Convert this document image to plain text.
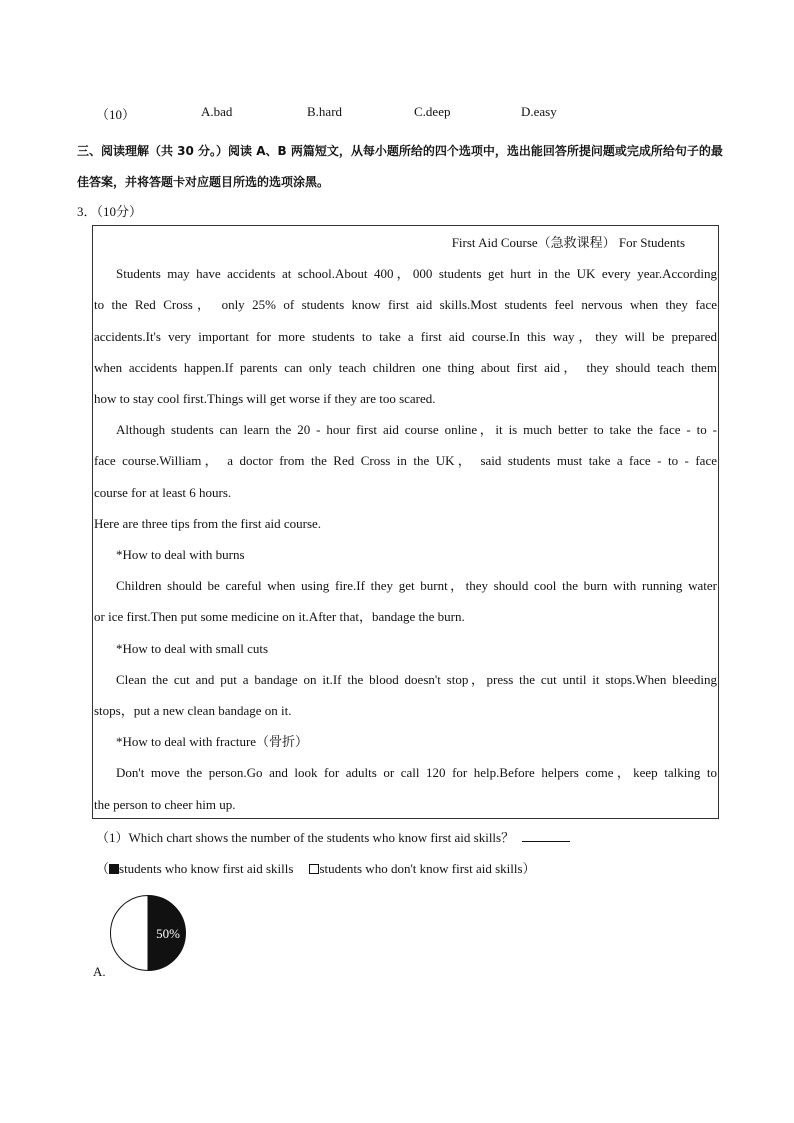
（10）	A.bad	B.hard	C.deep	D.easy
三、阅读理解（共 30 分。）阅读 A、B 两篇短文，从每小题所给的四个选项中，选出能回答所提问题或完成所给句子的最佳答案，并将答题卡对应题目所选的选项涂黑。
3．（10分）
First Aid Course（急救课程） For Students

Students may have accidents at school.About 400，000 students get hurt in the UK every year.According

to the Red Cross， only 25% of students know first aid skills.Most students feel nervous when they face

accidents.It's very important for more students to take a first aid course.In this way，they will be prepared

when accidents happen.If parents can only teach children one thing about first aid， they should teach them

how to stay cool first.Things will get worse if they are too scared.

Although students can learn the 20 - hour first aid course online，it is much better to take the face - to -

face course.William， a doctor from the Red Cross in the UK， said students must take a face - to - face

course for at least 6 hours.

Here are three tips from the first aid course.

*How to deal with burns

Children should be careful when using fire.If they get burnt，they should cool the burn with running water

or ice first.Then put some medicine on it.After that，bandage the burn.

*How to deal with small cuts

Clean the cut and put a bandage on it.If the blood doesn't stop，press the cut until it stops.When bleeding

stops，put a new clean bandage on it.

*How to deal with fracture（骨折）

Don't move the person.Go and look for adults or call 120 for help.Before helpers come，keep talking to

the person to cheer him up.

（1）Which chart shows the number of the students who know first aid skills？
（ students who know first aid skills students who don't know first aid skills）
50%
A.
